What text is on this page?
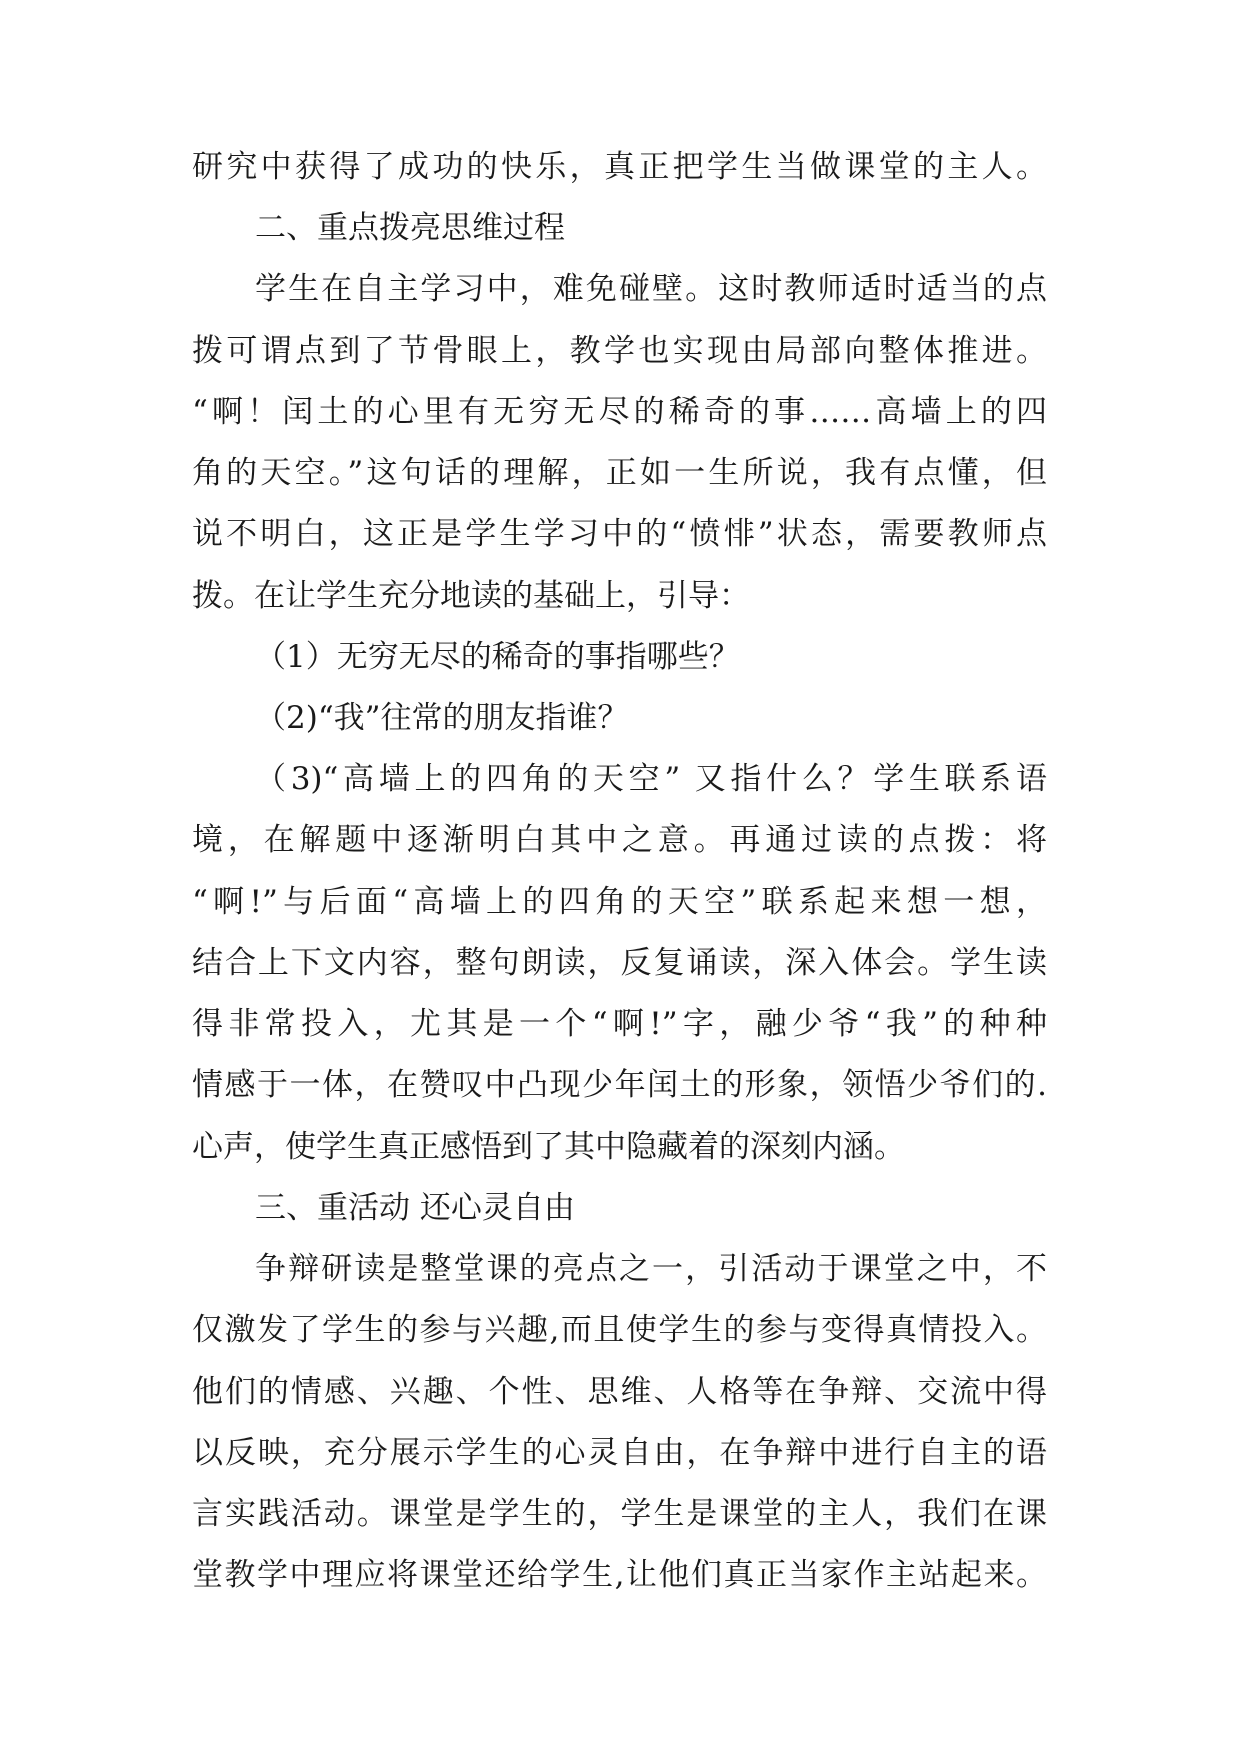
研究中获得了成功的快乐，真正把学生当做课堂的主人。
二、重点拨亮思维过程
学生在自主学习中，难免碰壁。这时教师适时适当的点
拨可谓点到了节骨眼上，教学也实现由局部向整体推进。
“啊！闰土的心里有无穷无尽的稀奇的事……高墙上的四
角的天空。”这句话的理解，正如一生所说，我有点懂，但
说不明白，这正是学生学习中的“愤悱”状态，需要教师点
拨。在让学生充分地读的基础上，引导：
（1）无穷无尽的稀奇的事指哪些？
（2)“我”往常的朋友指谁？
（3)“高墙上的四角的天空” 又指什么？学生联系语
境，在解题中逐渐明白其中之意。再通过读的点拨：将
“啊!”与后面“高墙上的四角的天空”联系起来想一想，
结合上下文内容，整句朗读，反复诵读，深入体会。学生读
得非常投入，尤其是一个“啊!”字，融少爷“我”的种种
情感于一体，在赞叹中凸现少年闰土的形象，领悟少爷们的.
心声，使学生真正感悟到了其中隐藏着的深刻内涵。
三、重活动 还心灵自由
争辩研读是整堂课的亮点之一，引活动于课堂之中，不
仅激发了学生的参与兴趣,而且使学生的参与变得真情投入。
他们的情感、兴趣、个性、思维、人格等在争辩、交流中得
以反映，充分展示学生的心灵自由，在争辩中进行自主的语
言实践活动。课堂是学生的，学生是课堂的主人，我们在课
堂教学中理应将课堂还给学生,让他们真正当家作主站起来。
